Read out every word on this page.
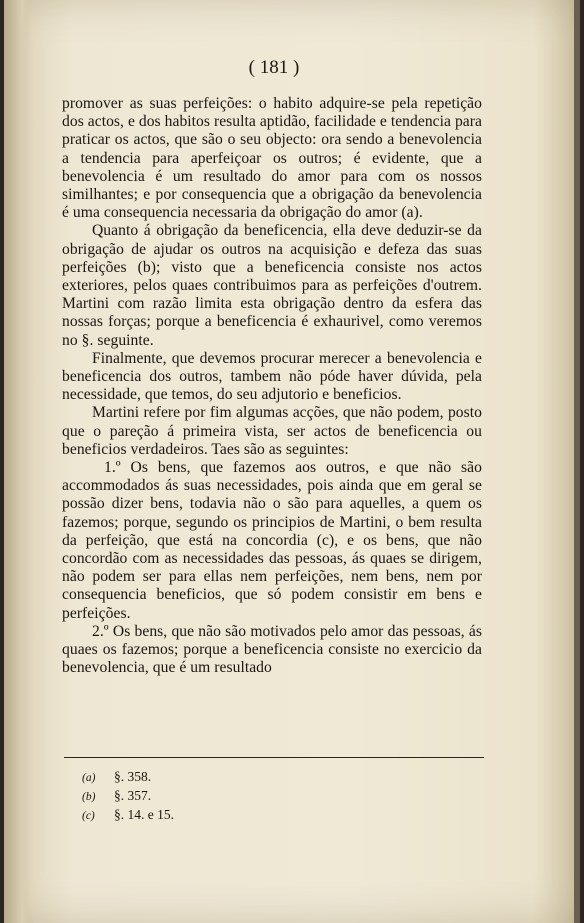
( 181 )

promover as suas perfeições: o habito adquire-se pela repetição dos actos, e dos habitos resulta aptidão, facilidade e tendencia para praticar os actos, que são o seu objecto: ora sendo a benevolencia a tendencia para aperfeiçoar os outros; é evidente, que a benevolencia é um resultado do amor para com os nossos similhantes; e por consequencia que a obrigação da benevolencia é uma consequencia necessaria da obrigação do amor (a).

Quanto á obrigação da beneficencia, ella deve deduzir-se da obrigação de ajudar os outros na acquisição e defeza das suas perfeições (b); visto que a beneficencia consiste nos actos exteriores, pelos quaes contribuimos para as perfeições d'outrem. Martini com razão limita esta obrigação dentro da esfera das nossas forças; porque a beneficencia é exhaurivel, como veremos no §. seguinte.

Finalmente, que devemos procurar merecer a benevolencia e beneficencia dos outros, tambem não póde haver dúvida, pela necessidade, que temos, do seu adjutorio e beneficios.

Martini refere por fim algumas acções, que não podem, posto que o pareção á primeira vista, ser actos de beneficencia ou beneficios verdadeiros. Taes são as seguintes:

1.º Os bens, que fazemos aos outros, e que não são accommodados ás suas necessidades, pois ainda que em geral se possão dizer bens, todavia não o são para aquelles, a quem os fazemos; porque, segundo os principios de Martini, o bem resulta da perfeição, que está na concordia (c), e os bens, que não concordão com as necessidades das pessoas, ás quaes se dirigem, não podem ser para ellas nem perfeições, nem bens, nem por consequencia beneficios, que só podem consistir em bens e perfeições.

2.º Os bens, que não são motivados pelo amor das pessoas, ás quaes os fazemos; porque a beneficencia consiste no exercicio da benevolencia, que é um resultado

(a) §. 358.
(b) §. 357.
(c) §. 14. e 15.
